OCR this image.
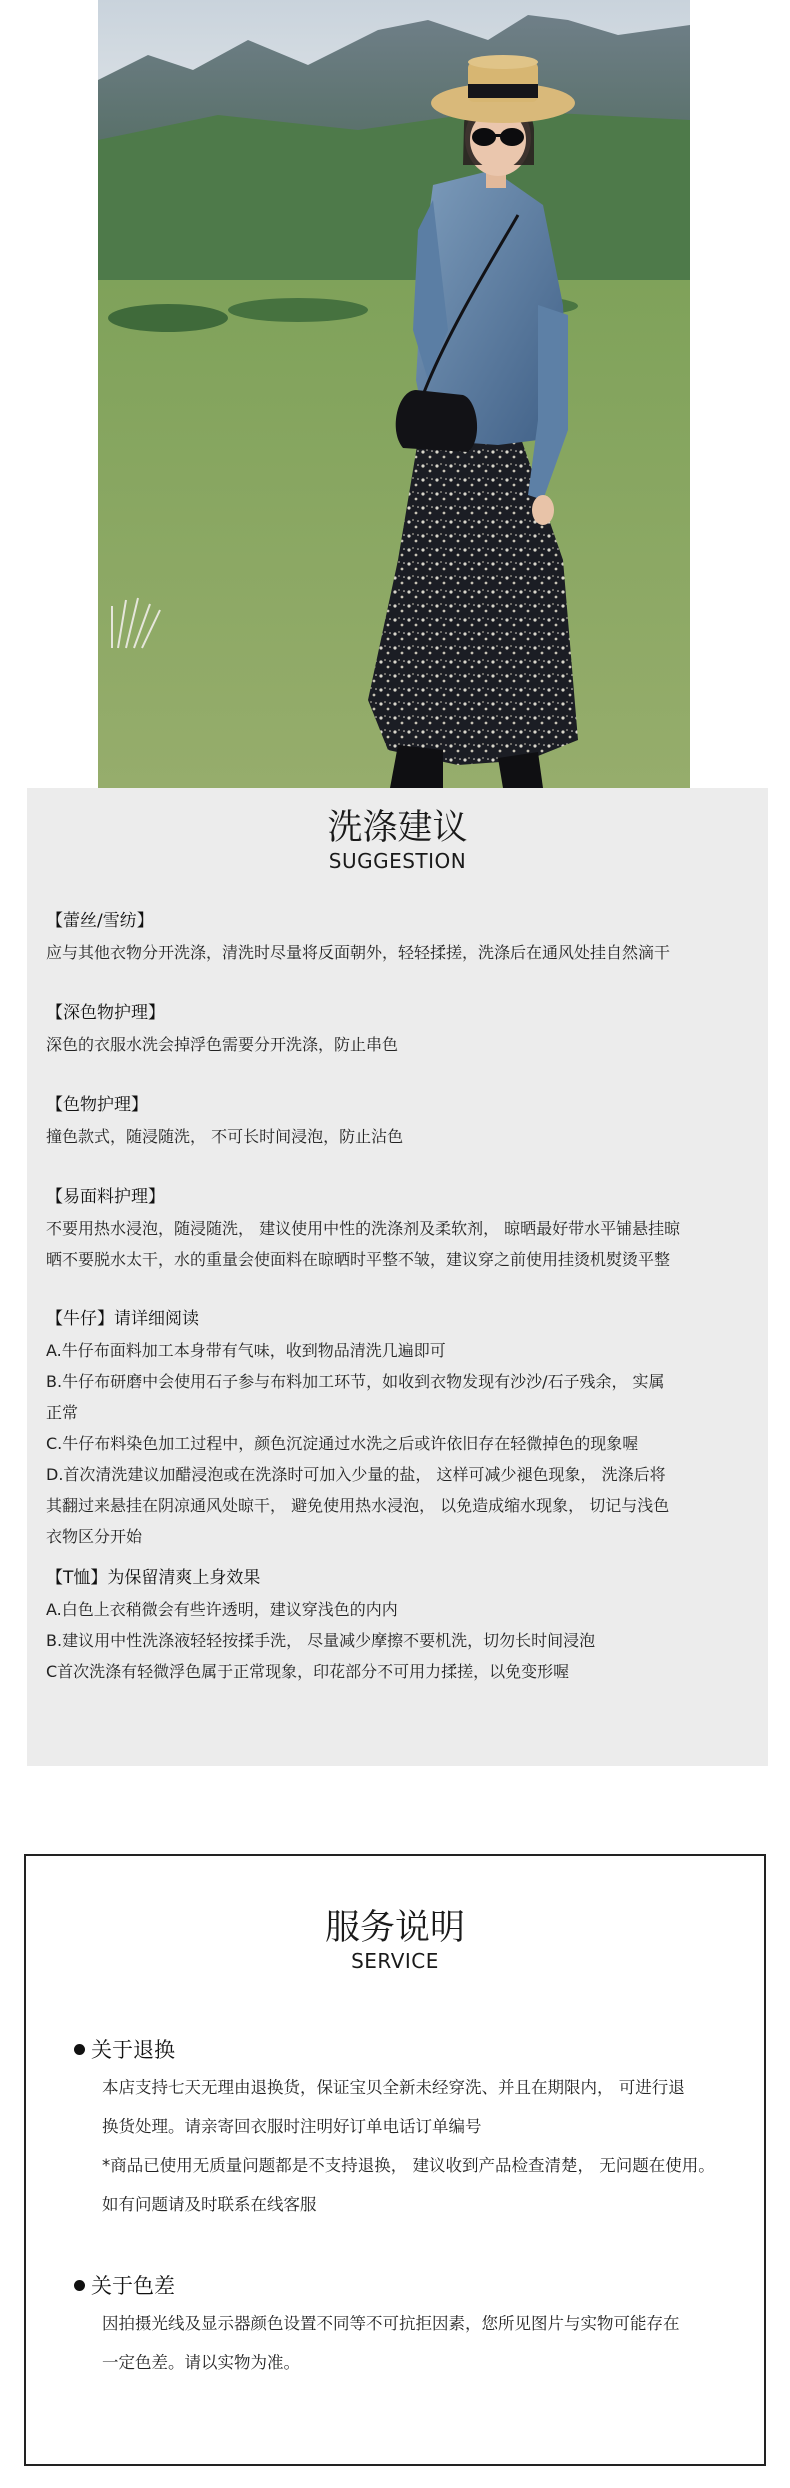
洗涤建议
SUGGESTION
【蕾丝/雪纺】
应与其他衣物分开洗涤，清洗时尽量将反面朝外，轻轻揉搓，洗涤后在通风处挂自然滴干
【深色物护理】
深色的衣服水洗会掉浮色需要分开洗涤，防止串色
【色物护理】
撞色款式，随浸随洗， 不可长时间浸泡，防止沾色
【易面料护理】
不要用热水浸泡，随浸随洗， 建议使用中性的洗涤剂及柔软剂， 晾晒最好带水平铺悬挂晾
晒不要脱水太干，水的重量会使面料在晾晒时平整不皱，建议穿之前使用挂烫机熨烫平整
【牛仔】请详细阅读
A.牛仔布面料加工本身带有气味，收到物品清洗几遍即可
B.牛仔布研磨中会使用石子参与布料加工环节，如收到衣物发现有沙沙/石子残余， 实属
正常
C.牛仔布料染色加工过程中，颜色沉淀通过水洗之后或许依旧存在轻微掉色的现象喔
D.首次清洗建议加醋浸泡或在洗涤时可加入少量的盐， 这样可减少褪色现象， 洗涤后将
其翻过来悬挂在阴凉通风处晾干， 避免使用热水浸泡， 以免造成缩水现象， 切记与浅色
衣物区分开始
【T恤】为保留清爽上身效果
A.白色上衣稍微会有些许透明，建议穿浅色的内内
B.建议用中性洗涤液轻轻按揉手洗， 尽量减少摩擦不要机洗，切勿长时间浸泡
C首次洗涤有轻微浮色属于正常现象，印花部分不可用力揉搓，以免变形喔
服务说明
SERVICE
关于退换
本店支持七天无理由退换货，保证宝贝全新未经穿洗、并且在期限内， 可进行退
换货处理。请亲寄回衣服时注明好订单电话订单编号
*商品已使用无质量问题都是不支持退换， 建议收到产品检查清楚， 无问题在使用。
如有问题请及时联系在线客服
关于色差
因拍摄光线及显示器颜色设置不同等不可抗拒因素，您所见图片与实物可能存在
一定色差。请以实物为准。
